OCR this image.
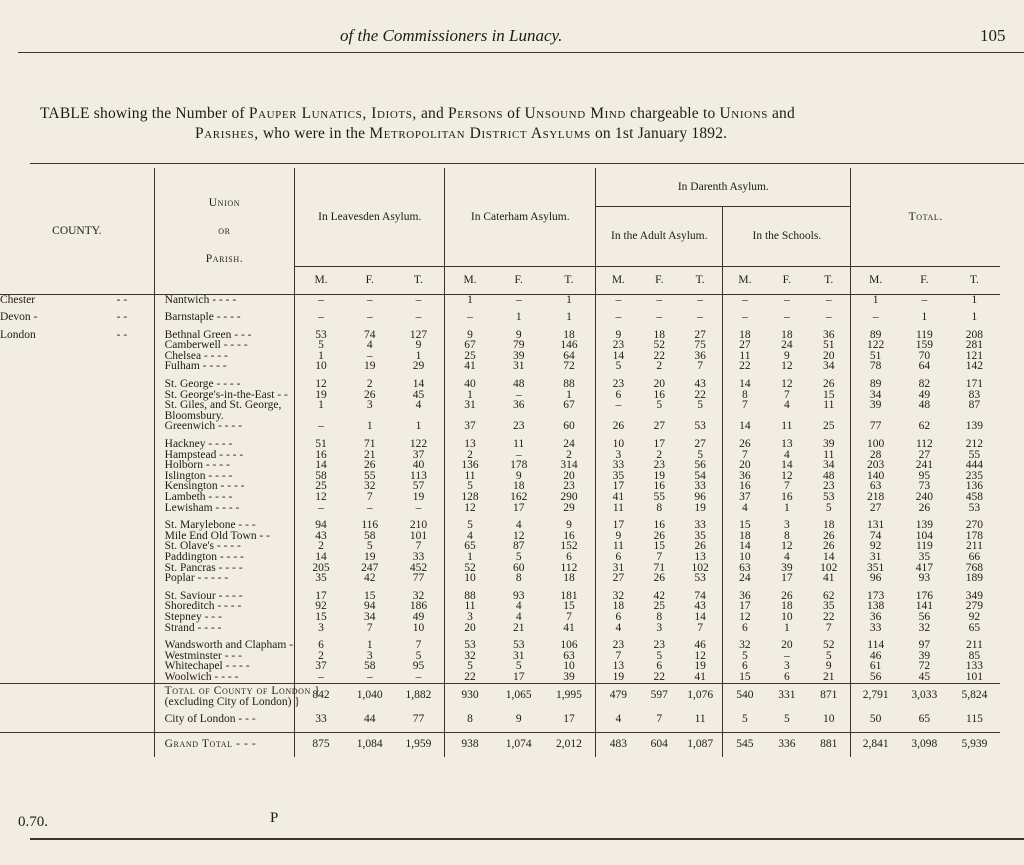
of the Commissioners in Lunacy.	105
TABLE showing the Number of Pauper Lunatics, Idiots, and Persons of Unsound Mind chargeable to Unions and
Parishes, who were in the Metropolitan District Asylums on 1st January 1892.
COUNTY.		Union

or

Parish.	In Leavesden Asylum.			In Caterham Asylum.			In Darenth Asylum.						Total.		
									In the Adult Asylum.			In the Schools.					
			M.	F.	T.	M.	F.	T.	M.	F.	T.	M.	F.	T.	M.	F.	T.
Chester	- -	Nantwich - - - -	–	–	–	1	–	1	–	–	–	–	–	–	1	–	1

Devon -	- -	Barnstaple - - - -	–	–	–	–	1	1	–	–	–	–	–	–	–	1	1

London	- -	Bethnal Green - - -	53	74	127	9	9	18	9	18	27	18	18	36	89	119	208
		Camberwell - - - -	5	4	9	67	79	146	23	52	75	27	24	51	122	159	281
		Chelsea - - - -	1	–	1	25	39	64	14	22	36	11	9	20	51	70	121
		Fulham - - - -	10	19	29	41	31	72	5	2	7	22	12	34	78	64	142

		St. George - - - -	12	2	14	40	48	88	23	20	43	14	12	26	89	82	171
		St. George's-in-the-East - -	19	26	45	1	–	1	6	16	22	8	7	15	34	49	83
		St. Giles, and St. George,	1	3	4	31	36	67	–	5	5	7	4	11	39	48	87
		Bloomsbury.															
		Greenwich - - - -	–	1	1	37	23	60	26	27	53	14	11	25	77	62	139

		Hackney - - - -	51	71	122	13	11	24	10	17	27	26	13	39	100	112	212
		Hampstead - - - -	16	21	37	2	–	2	3	2	5	7	4	11	28	27	55
		Holborn - - - -	14	26	40	136	178	314	33	23	56	20	14	34	203	241	444
		Islington - - - -	58	55	113	11	9	20	35	19	54	36	12	48	140	95	235
		Kensington - - - -	25	32	57	5	18	23	17	16	33	16	7	23	63	73	136
		Lambeth - - - -	12	7	19	128	162	290	41	55	96	37	16	53	218	240	458
		Lewisham - - - -	–	–	–	12	17	29	11	8	19	4	1	5	27	26	53

		St. Marylebone - - -	94	116	210	5	4	9	17	16	33	15	3	18	131	139	270
		Mile End Old Town - -	43	58	101	4	12	16	9	26	35	18	8	26	74	104	178
		St. Olave's - - - -	2	5	7	65	87	152	11	15	26	14	12	26	92	119	211
		Paddington - - - -	14	19	33	1	5	6	6	7	13	10	4	14	31	35	66
		St. Pancras - - - -	205	247	452	52	60	112	31	71	102	63	39	102	351	417	768
		Poplar - - - - -	35	42	77	10	8	18	27	26	53	24	17	41	96	93	189

		St. Saviour - - - -	17	15	32	88	93	181	32	42	74	36	26	62	173	176	349
		Shoreditch - - - -	92	94	186	11	4	15	18	25	43	17	18	35	138	141	279
		Stepney - - -	15	34	49	3	4	7	6	8	14	12	10	22	36	56	92
		Strand - - - -	3	7	10	20	21	41	4	3	7	6	1	7	33	32	65

		Wandsworth and Clapham -	6	1	7	53	53	106	23	23	46	32	20	52	114	97	211
		Westminster - - -	2	3	5	32	31	63	7	5	12	5	–	5	46	39	85
		Whitechapel - - - -	37	58	95	5	5	10	13	6	19	6	3	9	61	72	133
		Woolwich - - - -	–	–	–	22	17	39	19	22	41	15	6	21	56	45	101
		Total of County of London }
(excluding City of London) }	842	1,040	1,882	930	1,065	1,995	479	597	1,076	540	331	871	2,791	3,033	5,824
		City of London - - -	33	44	77	8	9	17	4	7	11	5	5	10	50	65	115
		Grand Total - - -	875	1,084	1,959	938	1,074	2,012	483	604	1,087	545	336	881	2,841	3,098	5,939
0.70.	P
